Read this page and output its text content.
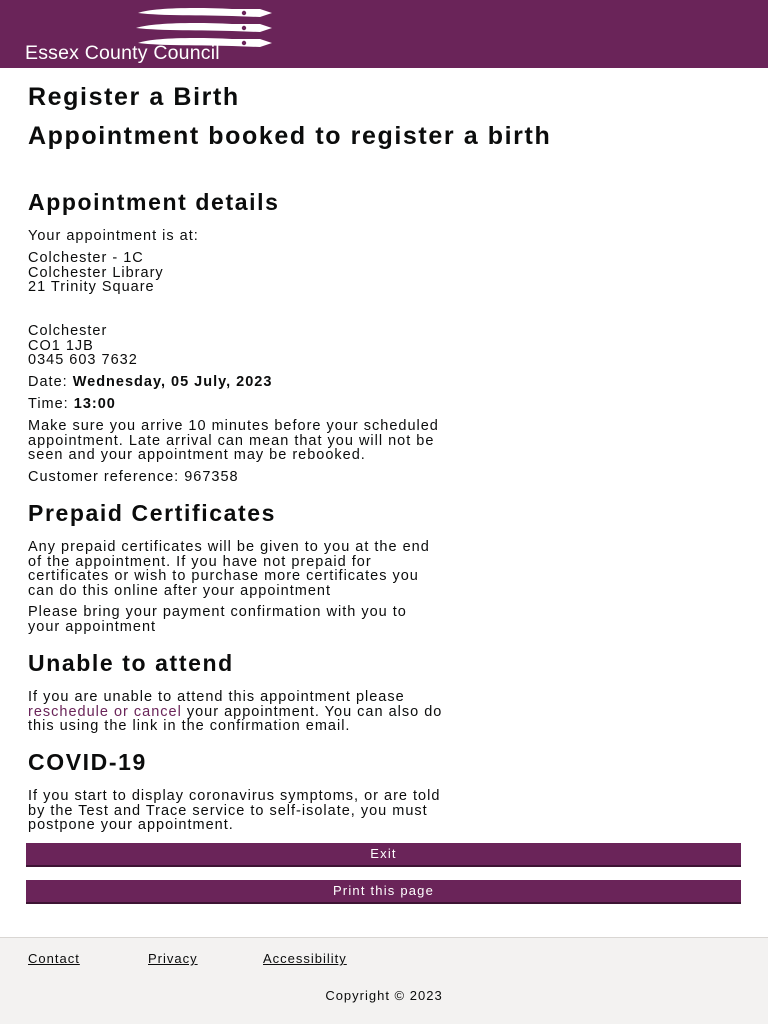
Essex County Council
Register a Birth
Appointment booked to register a birth
Appointment details

Your appointment is at:

Colchester - 1C
Colchester Library
21 Trinity Square
Colchester
CO1 1JB
0345 603 7632

Date: Wednesday, 05 July, 2023

Time: 13:00

Make sure you arrive 10 minutes before your scheduled
appointment. Late arrival can mean that you will not be
seen and your appointment may be rebooked.

Customer reference: 967358

Prepaid Certificates
Any prepaid certificates will be given to you at the end
of the appointment. If you have not prepaid for
certificates or wish to purchase more certificates you
can do this online after your appointment
Please bring your payment confirmation with you to
your appointment
Unable to attend
If you are unable to attend this appointment please
reschedule or cancel your appointment. You can also do
this using the link in the confirmation email.
COVID-19
If you start to display coronavirus symptoms, or are told
by the Test and Trace service to self-isolate, you must
postpone your appointment.
Exit
Print this page
Contact	Privacy	Accessibility
Copyright © 2023
